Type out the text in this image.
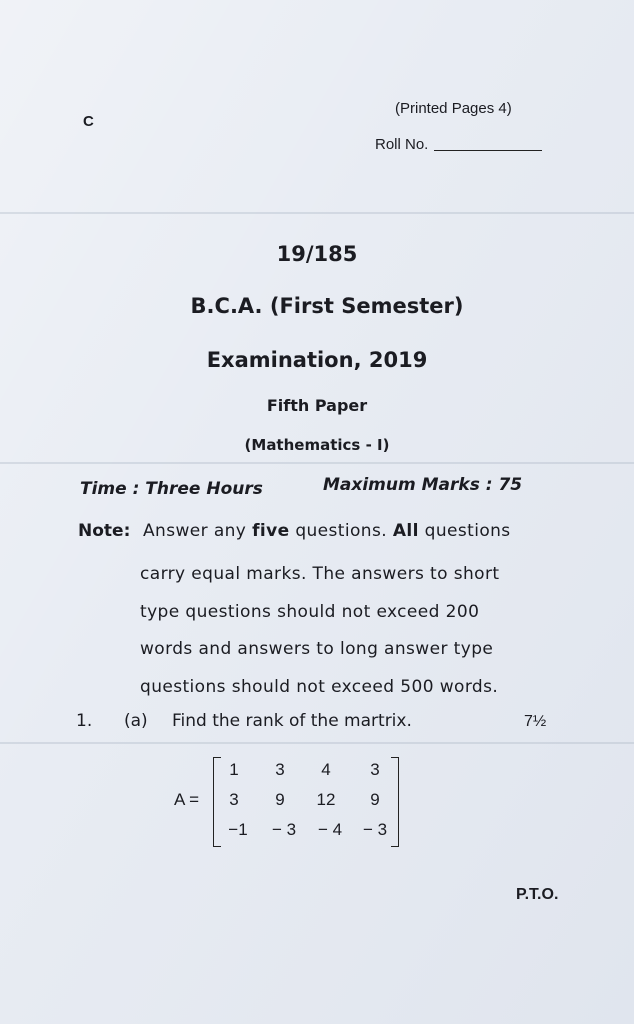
C
(Printed Pages 4)
Roll No.
19/185
B.C.A. (First Semester)
Examination, 2019
Fifth Paper
(Mathematics - I)
Time : Three Hours	Maximum Marks : 75
Note: Answer any five questions. All questions
carry equal marks. The answers to short
type questions should not exceed 200
words and answers to long answer type
questions should not exceed 500 words.
1. (a) Find the rank of the martrix.	7½
A =
1	3	4	3
3	9	12	9
−1	− 3	− 4	− 3
P.T.O.
